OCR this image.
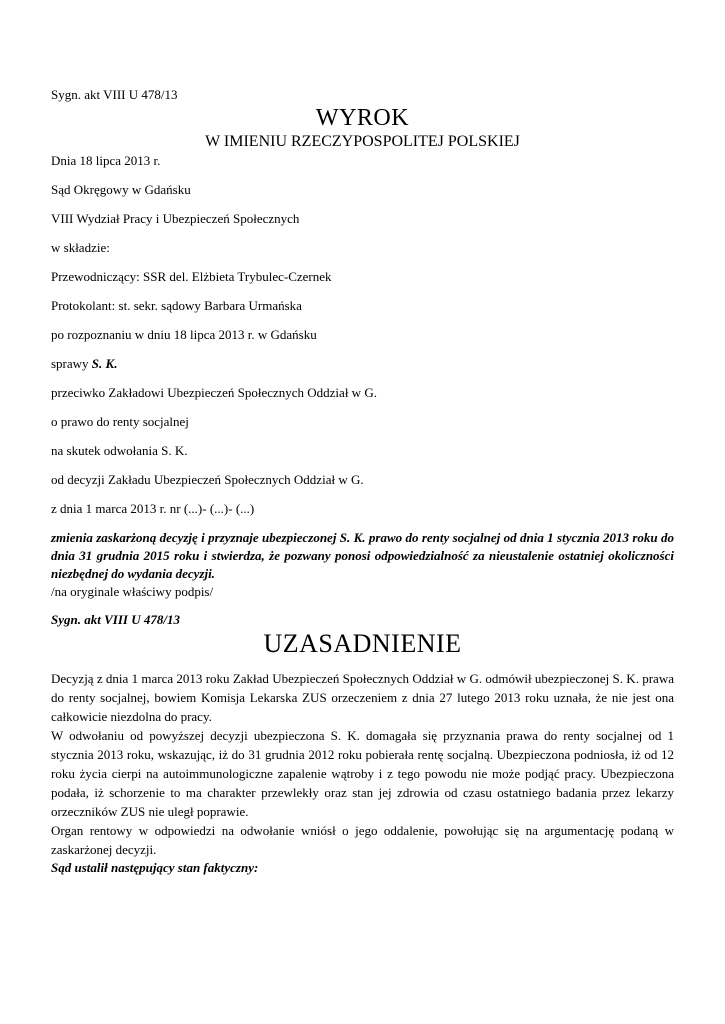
Sygn. akt VIII U 478/13

WYROK

W IMIENIU RZECZYPOSPOLITEJ POLSKIEJ

Dnia 18 lipca 2013 r.

Sąd Okręgowy w Gdańsku

VIII Wydział Pracy i Ubezpieczeń Społecznych

w składzie:

Przewodniczący: SSR del. Elżbieta Trybulec-Czernek

Protokolant: st. sekr. sądowy Barbara Urmańska

po rozpoznaniu w dniu 18 lipca 2013 r. w Gdańsku

sprawy S. K.

przeciwko Zakładowi Ubezpieczeń Społecznych Oddział w G.

o prawo do renty socjalnej

na skutek odwołania S. K.

od decyzji Zakładu Ubezpieczeń Społecznych Oddział w G.

z dnia 1 marca 2013 r. nr (...)- (...)- (...)

zmienia zaskarżoną decyzję i przyznaje ubezpieczonej S. K. prawo do renty socjalnej od dnia 1 stycznia 2013 roku do dnia 31 grudnia 2015 roku i stwierdza, że pozwany ponosi odpowiedzialność za nieustalenie ostatniej okoliczności niezbędnej do wydania decyzji.

/na oryginale właściwy podpis/

Sygn. akt VIII U 478/13

UZASADNIENIE

Decyzją z dnia 1 marca 2013 roku Zakład Ubezpieczeń Społecznych Oddział w G. odmówił ubezpieczonej S. K. prawa do renty socjalnej, bowiem Komisja Lekarska ZUS orzeczeniem z dnia 27 lutego 2013 roku uznała, że nie jest ona całkowicie niezdolna do pracy.

W odwołaniu od powyższej decyzji ubezpieczona S. K. domagała się przyznania prawa do renty socjalnej od 1 stycznia 2013 roku, wskazując, iż do 31 grudnia 2012 roku pobierała rentę socjalną. Ubezpieczona podniosła, iż od 12 roku życia cierpi na autoimmunologiczne zapalenie wątroby i z tego powodu nie może podjąć pracy. Ubezpieczona podała, iż schorzenie to ma charakter przewlekły oraz stan jej zdrowia od czasu ostatniego badania przez lekarzy orzeczników ZUS nie uległ poprawie.

Organ rentowy w odpowiedzi na odwołanie wniósł o jego oddalenie, powołując się na argumentację podaną w zaskarżonej decyzji.

Sąd ustalił następujący stan faktyczny:
